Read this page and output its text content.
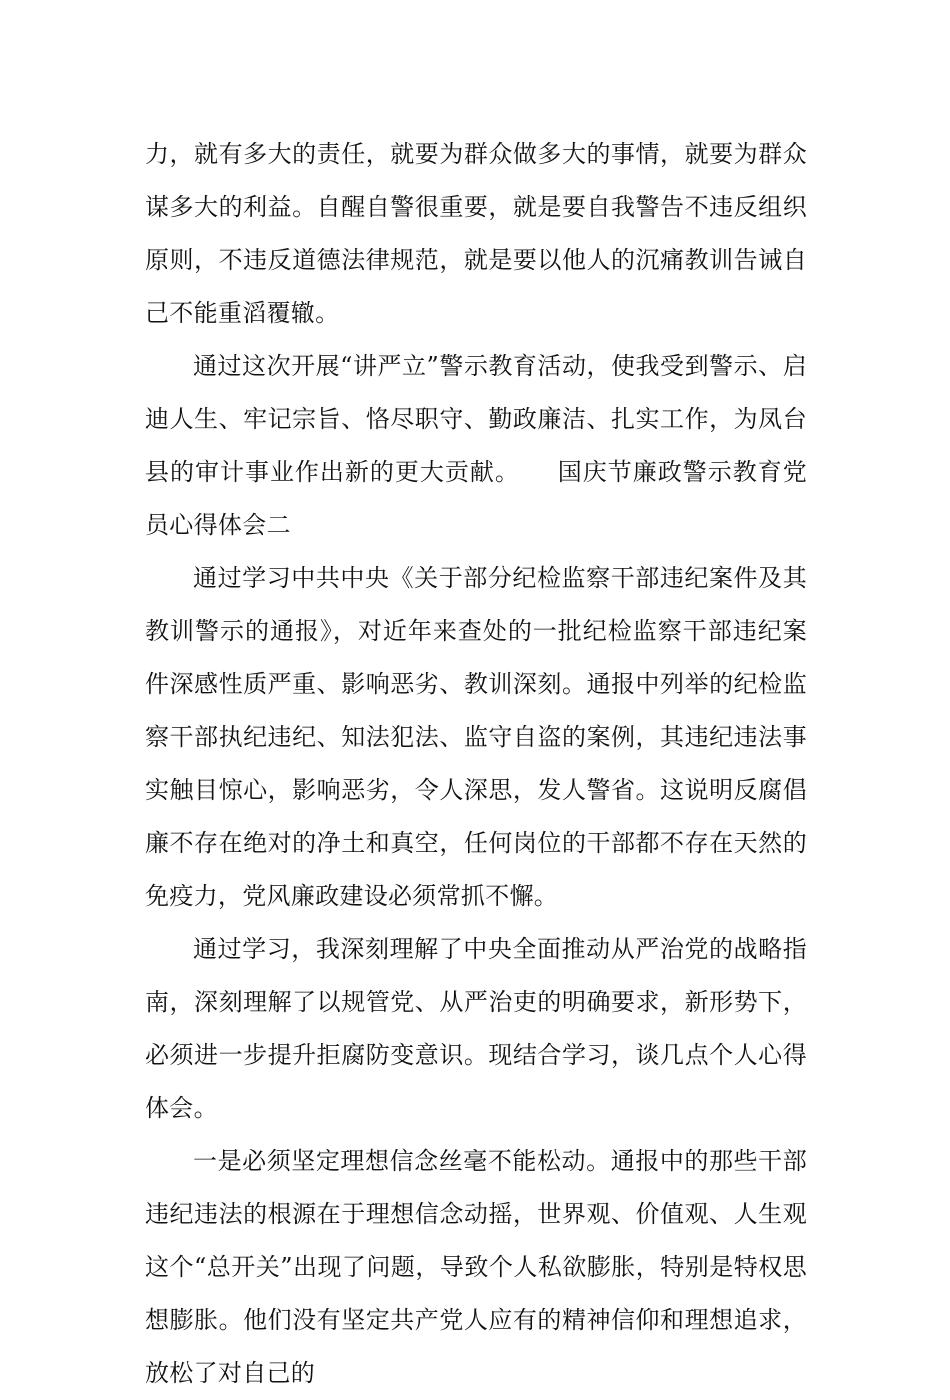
力，就有多大的责任，就要为群众做多大的事情，就要为群众谋多大的利益。自醒自警很重要，就是要自我警告不违反组织原则，不违反道德法律规范，就是要以他人的沉痛教训告诫自己不能重滔覆辙。

通过这次开展“讲严立”警示教育活动，使我受到警示、启迪人生、牢记宗旨、恪尽职守、勤政廉洁、扎实工作，为凤台县的审计事业作出新的更大贡献。　　国庆节廉政警示教育党员心得体会二

通过学习中共中央《关于部分纪检监察干部违纪案件及其教训警示的通报》，对近年来查处的一批纪检监察干部违纪案件深感性质严重、影响恶劣、教训深刻。通报中列举的纪检监察干部执纪违纪、知法犯法、监守自盗的案例，其违纪违法事实触目惊心，影响恶劣，令人深思，发人警省。这说明反腐倡廉不存在绝对的净土和真空，任何岗位的干部都不存在天然的免疫力，党风廉政建设必须常抓不懈。

通过学习，我深刻理解了中央全面推动从严治党的战略指南，深刻理解了以规管党、从严治吏的明确要求，新形势下，必须进一步提升拒腐防变意识。现结合学习，谈几点个人心得体会。

一是必须坚定理想信念丝毫不能松动。通报中的那些干部违纪违法的根源在于理想信念动摇，世界观、价值观、人生观这个“总开关”出现了问题，导致个人私欲膨胀，特别是特权思想膨胀。他们没有坚定共产党人应有的精神信仰和理想追求，放松了对自己的
